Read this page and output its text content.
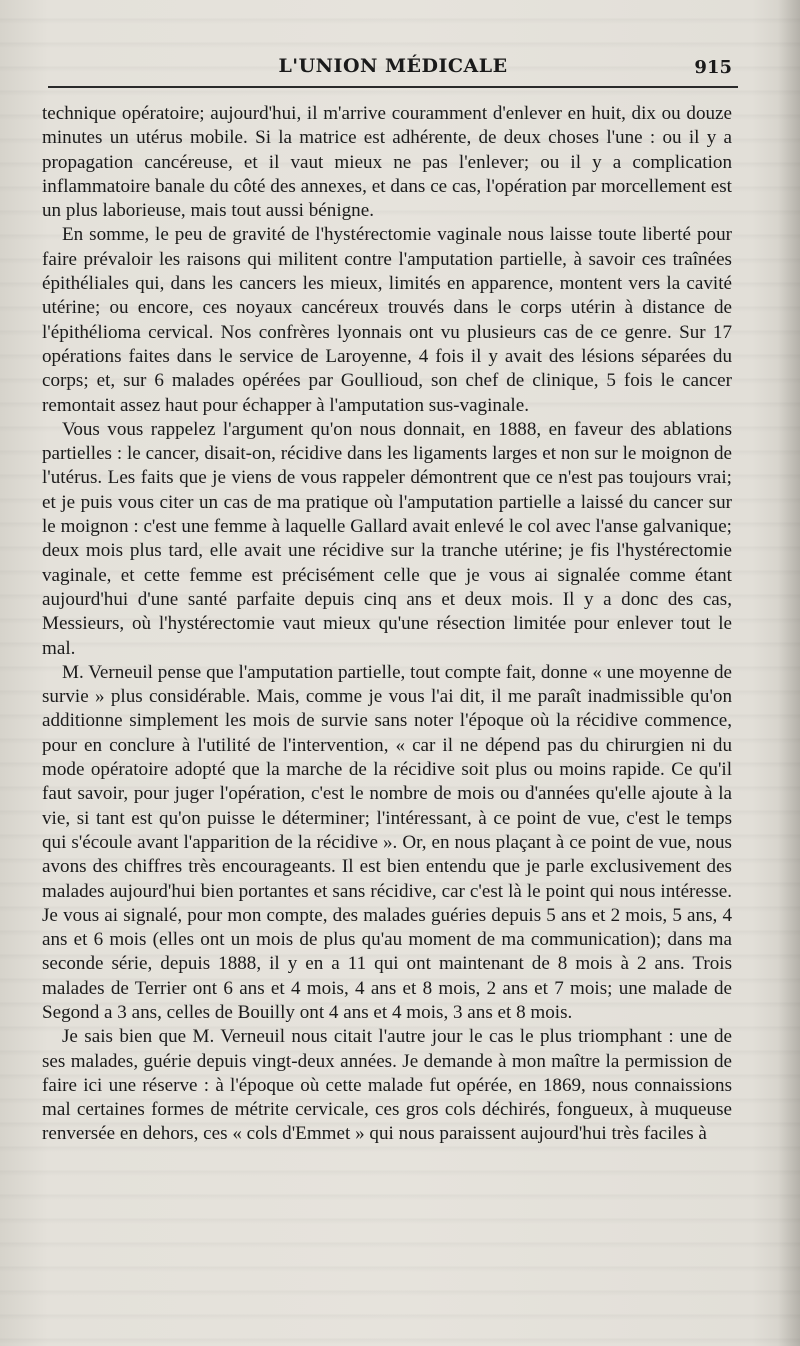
L'UNION MÉDICALE	915

technique opératoire; aujourd'hui, il m'arrive couramment d'enlever en huit, dix ou douze minutes un utérus mobile. Si la matrice est adhérente, de deux choses l'une : ou il y a propagation cancéreuse, et il vaut mieux ne pas l'enlever; ou il y a complication inflammatoire banale du côté des annexes, et dans ce cas, l'opération par morcellement est un plus laborieuse, mais tout aussi bénigne.

En somme, le peu de gravité de l'hystérectomie vaginale nous laisse toute liberté pour faire prévaloir les raisons qui militent contre l'amputation partielle, à savoir ces traînées épithéliales qui, dans les cancers les mieux, limités en apparence, montent vers la cavité utérine; ou encore, ces noyaux cancéreux trouvés dans le corps utérin à distance de l'épithélioma cervical. Nos confrères lyonnais ont vu plusieurs cas de ce genre. Sur 17 opérations faites dans le service de Laroyenne, 4 fois il y avait des lésions séparées du corps; et, sur 6 malades opérées par Goullioud, son chef de clinique, 5 fois le cancer remontait assez haut pour échapper à l'amputation sus-vaginale.

Vous vous rappelez l'argument qu'on nous donnait, en 1888, en faveur des ablations partielles : le cancer, disait-on, récidive dans les ligaments larges et non sur le moignon de l'utérus. Les faits que je viens de vous rappeler démontrent que ce n'est pas toujours vrai; et je puis vous citer un cas de ma pratique où l'amputation partielle a laissé du cancer sur le moignon : c'est une femme à laquelle Gallard avait enlevé le col avec l'anse galvanique; deux mois plus tard, elle avait une récidive sur la tranche utérine; je fis l'hystérectomie vaginale, et cette femme est précisément celle que je vous ai signalée comme étant aujourd'hui d'une santé parfaite depuis cinq ans et deux mois. Il y a donc des cas, Messieurs, où l'hystérectomie vaut mieux qu'une résection limitée pour enlever tout le mal.

M. Verneuil pense que l'amputation partielle, tout compte fait, donne « une moyenne de survie » plus considérable. Mais, comme je vous l'ai dit, il me paraît inadmissible qu'on additionne simplement les mois de survie sans noter l'époque où la récidive commence, pour en conclure à l'utilité de l'intervention, « car il ne dépend pas du chirurgien ni du mode opératoire adopté que la marche de la récidive soit plus ou moins rapide. Ce qu'il faut savoir, pour juger l'opération, c'est le nombre de mois ou d'années qu'elle ajoute à la vie, si tant est qu'on puisse le déterminer; l'intéressant, à ce point de vue, c'est le temps qui s'écoule avant l'apparition de la récidive ». Or, en nous plaçant à ce point de vue, nous avons des chiffres très encourageants. Il est bien entendu que je parle exclusivement des malades aujourd'hui bien portantes et sans récidive, car c'est là le point qui nous intéresse. Je vous ai signalé, pour mon compte, des malades guéries depuis 5 ans et 2 mois, 5 ans, 4 ans et 6 mois (elles ont un mois de plus qu'au moment de ma communication); dans ma seconde série, depuis 1888, il y en a 11 qui ont maintenant de 8 mois à 2 ans. Trois malades de Terrier ont 6 ans et 4 mois, 4 ans et 8 mois, 2 ans et 7 mois; une malade de Segond a 3 ans, celles de Bouilly ont 4 ans et 4 mois, 3 ans et 8 mois.

Je sais bien que M. Verneuil nous citait l'autre jour le cas le plus triomphant : une de ses malades, guérie depuis vingt-deux années. Je demande à mon maître la permission de faire ici une réserve : à l'époque où cette malade fut opérée, en 1869, nous connaissions mal certaines formes de métrite cervicale, ces gros cols déchirés, fongueux, à muqueuse renversée en dehors, ces « cols d'Emmet » qui nous paraissent aujourd'hui très faciles à
